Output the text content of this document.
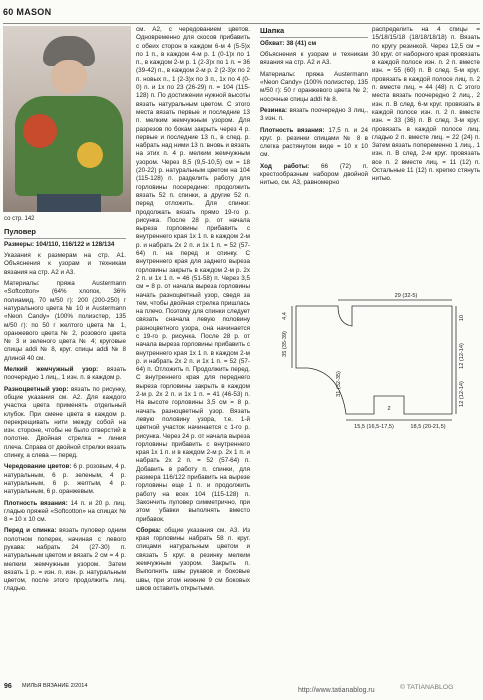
60 MASON
со стр. 142
Пуловер

Размеры: 104/110, 116/122 и 128/134

Указания к размерам на стр. A1. Объяснения к узорам и техникам вязания на стр. A2 и A3.

Материалы: пряжа Austermann «Softcotton» (64% хлопок, 36% полиамид, 70 м/50 г): 200 (200-250) г натурального цвета № 10 и Austermann «Neon Candy» (100% полиэстер, 135 м/50 г): по 50 г желтого цвета № 1, оранжевого цвета № 2, розового цвета № 3 и зеленого цвета № 4; круговые спицы addi № 8, круг. спицы addi № 8 длиной 40 см.

Мелкий жемчужный узор: вязать поочередно 1 лиц., 1 изн. п. в каждом р.

Разноцветный узор: вязать по рисунку, общие указания см. A2. Для каждого участка цвета применять отдельный клубок. При смене цвета в каждом р. перекрещивать нити между собой на изн. стороне, чтобы не было отверстий в полотне. Двойная стрелка = линия плеча. Справа от двойной стрелки вязать спинку, а слева — перед.

Чередование цветов: 6 р. розовым, 4 р. натуральным, 6 р. зеленым, 4 р. натуральным, 6 р. желтым, 4 р. натуральным, 6 р. оранжевым.

Плотность вязания: 14 п. и 20 р. лиц. гладью пряжей «Softcotton» на спицах № 8 = 10 x 10 см.

Перед и спинка: вязать пуловер одним полотном поперек, начиная с левого рукава: набрать 24 (27-30) п. натуральным цветом и вязать 2 см = 4 р. мелким жемчужным узором. Затем вязать 1 р. = изн. п. изн. р. натуральным цветом, после этого продолжить лиц. гладью.

см. A2, с чередованием цветов. Одновременно для скосов прибавить с обеих сторон в каждом 6-м 4 (5-5)x по 1 п., в каждом 4-м р. 1 (0-1)x по 1 п., в каждом 2-м р. 1 (2-3)x по 1 п. = 36 (39-42) п., в каждом 2-м р. 2 (2-3)x по 2 п. новых п., 1 (2-3)x по 3 п., 1x по 4 (0-0) п. и 1x по 23 (26-29) п. = 104 (115-128) п. По достижении нужной высоты вязать натуральным цветом. С этого места вязать первые и последние 13 п. мелким жемчужным узором. Для разрезов по бокам закрыть через 4 р. первые и последние 13 п., в след. р. набрать над ними 13 п. вновь и вязать на этих п. 4 р. мелким жемчужным узором. Через 8,5 (9,5-10,5) см = 18 (20-22) р. натуральным цветом на 104 (115-128) п. разделить работу для горловины посередине: продолжить вязать 52 п. спинки, а другие 52 п. перед отложить. Для спинки: продолжать вязать прямо 19-го р. рисунка. После 28 р. от начала выреза горловины прибавить с внутреннего края 1x 1 п. в каждом 2-м р. и набрать 2x 2 п. и 1x 1 п. = 52 (57-64) п. на перед и спинку. С внутреннего края для заднего выреза горловины закрыть в каждом 2-м р. 2x 2 п. и 1x 1 п. = 46 (51-58) п. Через 3,5 см = 8 р. от начала выреза горловины начать разноцветный узор, сведя за тем, чтобы двойная стрелка пришлась на плечо. Поэтому для спинки следует связать сначала левую половину разноцветного узора, она начинается с 19-го р. рисунка. После 28 р. от начала выреза горловины прибавить с внутреннего края 1x 1 п. в каждом 2-м р. и набрать 2x 2 п. и 1x 1 п. = 52 (57-64) п. Отложить п. Продолжить перед. С внутреннего края для переднего выреза горловины закрыть в каждом 2-м р. 2x 2 п. и 1x 1 п. = 41 (46-53) п. На высоте горловины 3,5 см = 8 р. начать разноцветный узор. Вязать левую половину узора, т.е. 1-й цветной участок начинается с 1-го р. рисунка. Через 24 р. от начала выреза горловины прибавить с внутреннего края 1x 1 п. и в каждом 2-м р. 2x 1 п. и набрать 2x 2 п. = 52 (57-64) п. Добавить в работу п. спинки, для размера 116/122 прибавить на вырезе горловины еще 1 п. и продолжить работу на всех 104 (115-128) п. Закончить пуловер симметрично, при этом убавки выполнять вместо прибавок.

Сборка: общие указания см. A3. Из края горловины набрать 58 п. круг. спицами натуральным цветом и связать 5 круг. в резинку мелким жемчужным узором. Закрыть п. Выполнить швы рукавов и боковые швы, при этом нижние 9 см боковых швов оставить открытыми.

Шапка

Обхват: 38 (41) см

Объяснения к узорам и техникам вязания на стр. A2 и A3.

Материалы: пряжа Austermann «Neon Candy» (100% полиэстер, 135 м/50 г): 50 г оранжевого цвета № 2; носочные спицы addi № 8.

Резинка: вязать поочередно 3 лиц., 3 изн. п.

Плотность вязания: 17,5 п. и 24 круг. р. резинки спицами № 8 в слегка растянутом виде = 10 x 10 см.

Ход работы: 66 (72) п. крестообразным набором двойной нитью, см. A3, равномерно

распределить на 4 спицы = 15/18/15/18 (18/18/18/18) п. Вязать по кругу резинкой. Через 12,5 см = 30 круг. от наборного края провязать в каждой полосе изн. п. 2 п. вместе изн. = 55 (60) п. В след. 5-м круг. провязать в каждой полосе лиц. п. 2 п. вместе лиц. = 44 (48) п. С этого места вязать поочередно 2 лиц., 2 изн. п. В след. 6-м круг. провязать в каждой полосе изн. п. 2 п. вместе изн. = 33 (36) п. В след. 3-м круг. провязать в каждой полосе лиц. гладью 2 п. вместе лиц. = 22 (24) п. Затем вязать попеременно 1 лиц., 1 изн. п. В след. 2-м круг. провязать все п. 2 вместе лиц. = 11 (12) п. Остальные 11 (12) п. крепко стянуть нитью.

29 (32-5)
4,4
35 (35-39)
31 (32-35)
10
12 (12-14)
12 (12-14)
15,5 (16,5-17,5)	18,5 (20-21,5)
2
96 МИЛЬЯ ВЯЗАНИЕ 2/2014
http://www.tatianablog.ru	© TATIANABLOG
